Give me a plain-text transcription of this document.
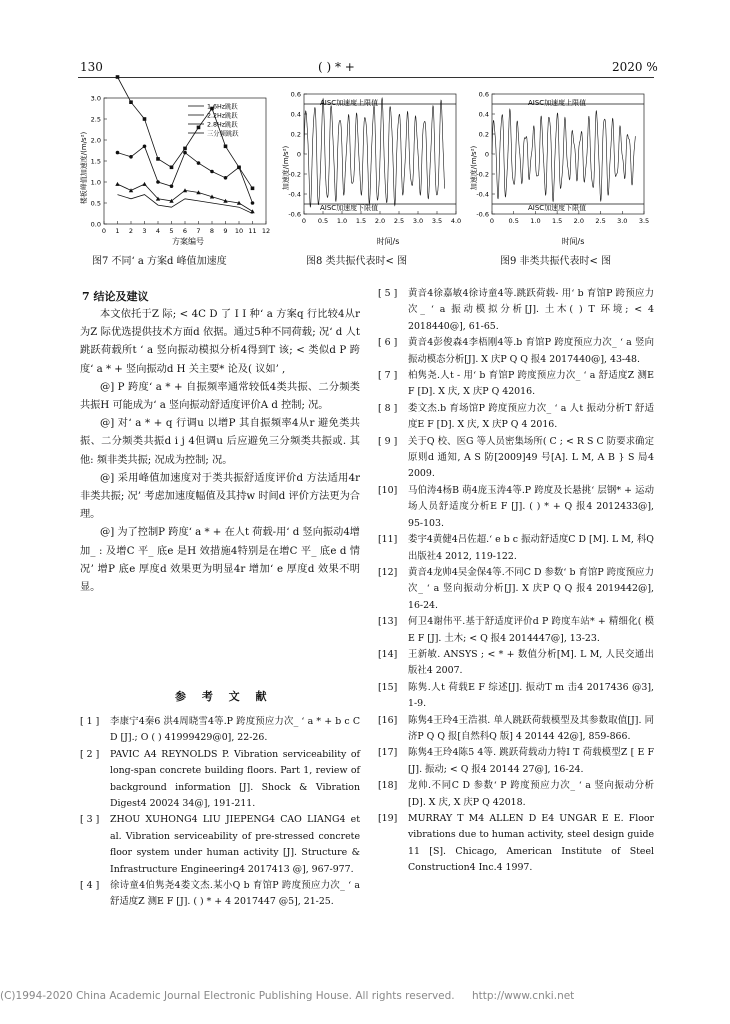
130	( ) * +	2020 %
0.0
0.5
1.0
1.5
2.0
2.5
3.0
0 1 2 3 4 5 6 7 8 9 10 11 12
1.6Hz跳跃
2.2Hz跳跃
2.8Hz跳跃
三分频跳跃
楼板峰值加速度/(m/s²)
方案编号
图7 不同‘ a 方案d 峰值加速度
0.6
0.4
0.2
0
-0.2
-0.4
-0.6
0 0.5 1.0 1.5 2.0 2.5 3.0 3.5 4.0
加速度/(m/s²)
时间/s
AISC加速度上限值
AISC加速度下限值
图8 类共振代表时< 图
0.6
0.4
0.2
0
-0.2
-0.4
-0.6
0 0.5 1.0 1.5 2.0 2.5 3.0 3.5
加速度/(m/s²)
时间/s
AISC加速度上限值
AISC加速度下限值
图9 非类共振代表时< 图
7 结论及建议

本文依托于Z 际; < 4C D 了 I I 种‘ a 方案q 行比较4从r 为Z 际优选提供技术方面d 依据。通过5种不同荷载; 况‘ d 人t 跳跃荷载所t ‘ a 竖向振动模拟分析4得到T 该; < 类似d P 跨度‘ a * + 竖向振动d H 关主要* 论及( 议如’ ,

@] P 跨度‘ a * + 自振频率通常较低4类共振、二分频类共振H 可能成为‘ a 竖向振动舒适度评价A d 控制; 况。

@] 对‘ a * + q 行调u 以增P 其自振频率4从r 避免类共振、二分频类共振d i j 4但调u 后应避免三分频类共振或. 其他: 频非类共振; 况成为控制; 况。

@] 采用峰值加速度对于类共振舒适度评价d 方法适用4r 非类共振; 况’ 考虑加速度幅值及其持w 时间d 评价方法更为合理。

@] 为了控制P 跨度‘ a * + 在人t 荷载-用‘ d 竖向振动4增加_ : 及增C 平_ 底e 是H 效措施4特别是在增C 平_ 底e d 情况’ 增P 底e 厚度d 效果更为明显4r 增加‘ e 厚度d 效果不明显。

参 考 文 献
[ 1 ]	李康宁4秦6 洪4周晓雪4等.P 跨度预应力次_ ‘ a * + b c C D [J].; O ( ) 41999429@0], 22-26.
[ 2 ]	PAVIC A4 REYNOLDS P. Vibration serviceability of long-span concrete building floors. Part 1, review of background information [J]. Shock & Vibration Digest4 20024 34@], 191-211.
[ 3 ]	ZHOU XUHONG4 LIU JIEPENG4 CAO LIANG4 et al. Vibration serviceability of pre-stressed concrete floor system under human activity [J]. Structure & Infrastructure Engineering4 2017413 @], 967-977.
[ 4 ]	徐诗童4伯隽尧4娄文杰.某小Q b 育馆P 跨度预应力次_ ‘ a 舒适度Z 测E F [J]. ( ) * + 4 2017447 @5], 21-25.
[ 5 ]	黄音4徐嘉敏4徐诗童4等.跳跃荷载- 用‘ b 育馆P 跨预应力次_ ‘ a 振动模拟分析[J]. 土木( ) T 环境; < 4 2018440@], 61-65.
[ 6 ]	黄音4彭俊森4李梧刚4等.b 育馆P 跨度预应力次_ ‘ a 竖向振动模态分析[J]. X 庆P Q Q 报4 2017440@], 43-48.
[ 7 ]	柏隽尧.人t - 用‘ b 育馆P 跨度预应力次_ ‘ a 舒适度Z 测E F [D]. X 庆, X 庆P Q 42016.
[ 8 ]	娄文杰.b 育场馆P 跨度预应力次_ ‘ a 人t 振动分析T 舒适度E F [D]. X 庆, X 庆P Q 4 2016.
[ 9 ]	关于Q 校、医G 等人员密集场所( C ; < R S C 防要求确定原则d 通知, A S 防[2009]49 号[A]. L M, A B } S 局4 2009.
[10]	马伯涛4杨B 萌4庞玉涛4等.P 跨度及长悬挑‘ 层钢* + 运动场人员舒适度分析E F [J]. ( ) * + Q 报4 2012433@], 95-103.
[11]	娄宇4黄健4吕佐超.‘ e b c 振动舒适度C D [M]. L M, 科Q 出版社4 2012, 119-122.
[12]	黄音4龙帅4吴金保4等.不同C D 参数‘ b 育馆P 跨度预应力次_ ‘ a 竖向振动分析[J]. X 庆P Q Q 报4 2019442@], 16-24.
[13]	何卫4谢伟平.基于舒适度评价d P 跨度车站* + 精细化( 模E F [J]. 土木; < Q 报4 2014447@], 13-23.
[14]	王新敏. ANSYS ; < * + 数值分析[M]. L M, 人民交通出版社4 2007.
[15]	陈隽.人t 荷载E F 综述[J]. 振动T m 击4 2017436 @3], 1-9.
[16]	陈隽4王玲4王浩祺. 单人跳跃荷载模型及其参数取值[J]. 同济P Q Q 报[自然科Q 版] 4 20144 42@], 859-866.
[17]	陈隽4王玲4陈5 4等. 跳跃荷载动力特I T 荷载模型Z [ E F [J]. 振动; < Q 报4 20144 27@], 16-24.
[18]	龙帅.不同C D 参数‘ P 跨度预应力次_ ‘ a 竖向振动分析[D]. X 庆, X 庆P Q 42018.
[19]	MURRAY T M4 ALLEN D E4 UNGAR E E. Floor vibrations due to human activity, steel design guide 11 [S]. Chicago, American Institute of Steel Construction4 Inc.4 1997.
(C)1994-2020 China Academic Journal Electronic Publishing House. All rights reserved. http://www.cnki.net
